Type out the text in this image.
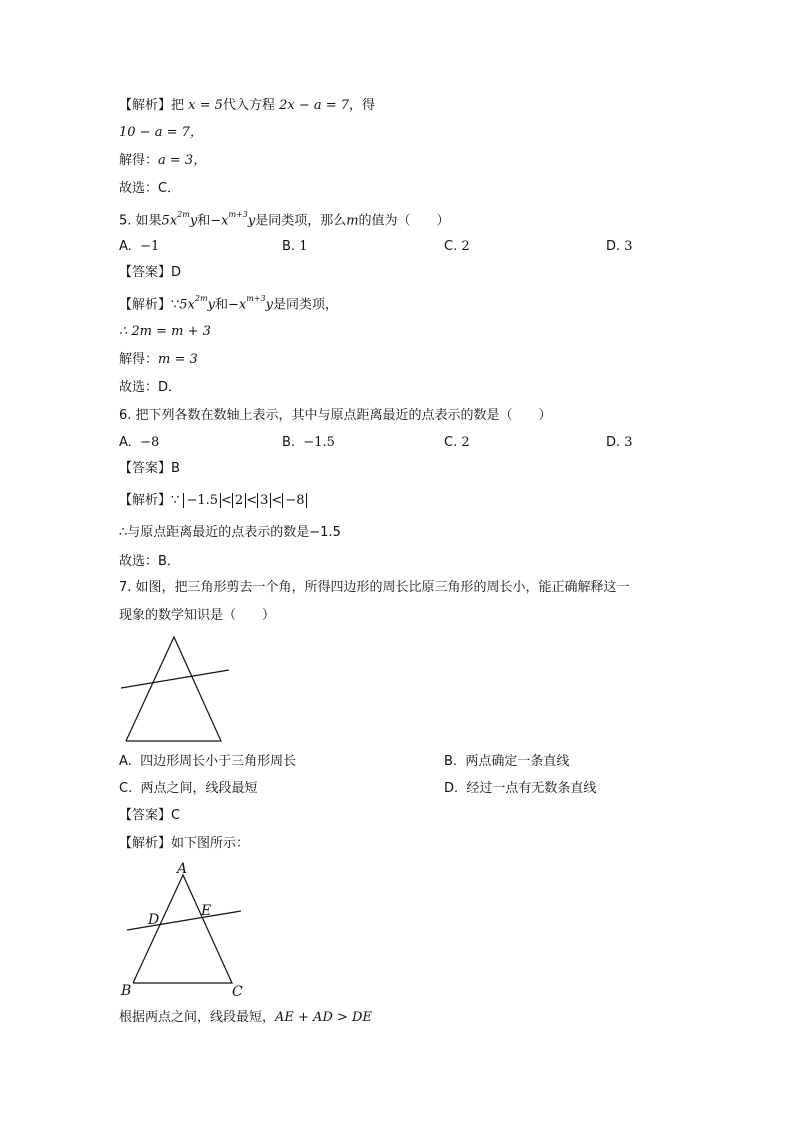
【解析】把 x = 5代入方程 2x − a = 7，得
10 − a = 7，
解得：a = 3，
故选：C．
5. 如果$5x^{2m}y$和$-x^{m+3}y$是同类项，那么m的值为（　　）
A. −1	B. 1	C. 2	D. 3
【答案】D
【解析】$\because 5x^{2m}y$和$-x^{m+3}y$是同类项，
∴ 2m = m + 3
解得：m = 3
故选：D．
6. 把下列各数在数轴上表示，其中与原点距离最近的点表示的数是（　　）
A. −8	B. −1.5	C. 2	D. 3
【答案】B
【解析】∵ −1.5 < 2 < 3 < −8
∴与原点距离最近的点表示的数是−1.5
故选：B．
7. 如图，把三角形剪去一个角，所得四边形的周长比原三角形的周长小，能正确解释这一
现象的数学知识是（　　）
A. 四边形周长小于三角形周长	B. 两点确定一条直线
C. 两点之间，线段最短	D. 经过一点有无数条直线
【答案】C
【解析】如下图所示：
A
D
E
B	C
根据两点之间，线段最短，AE + AD > DE
